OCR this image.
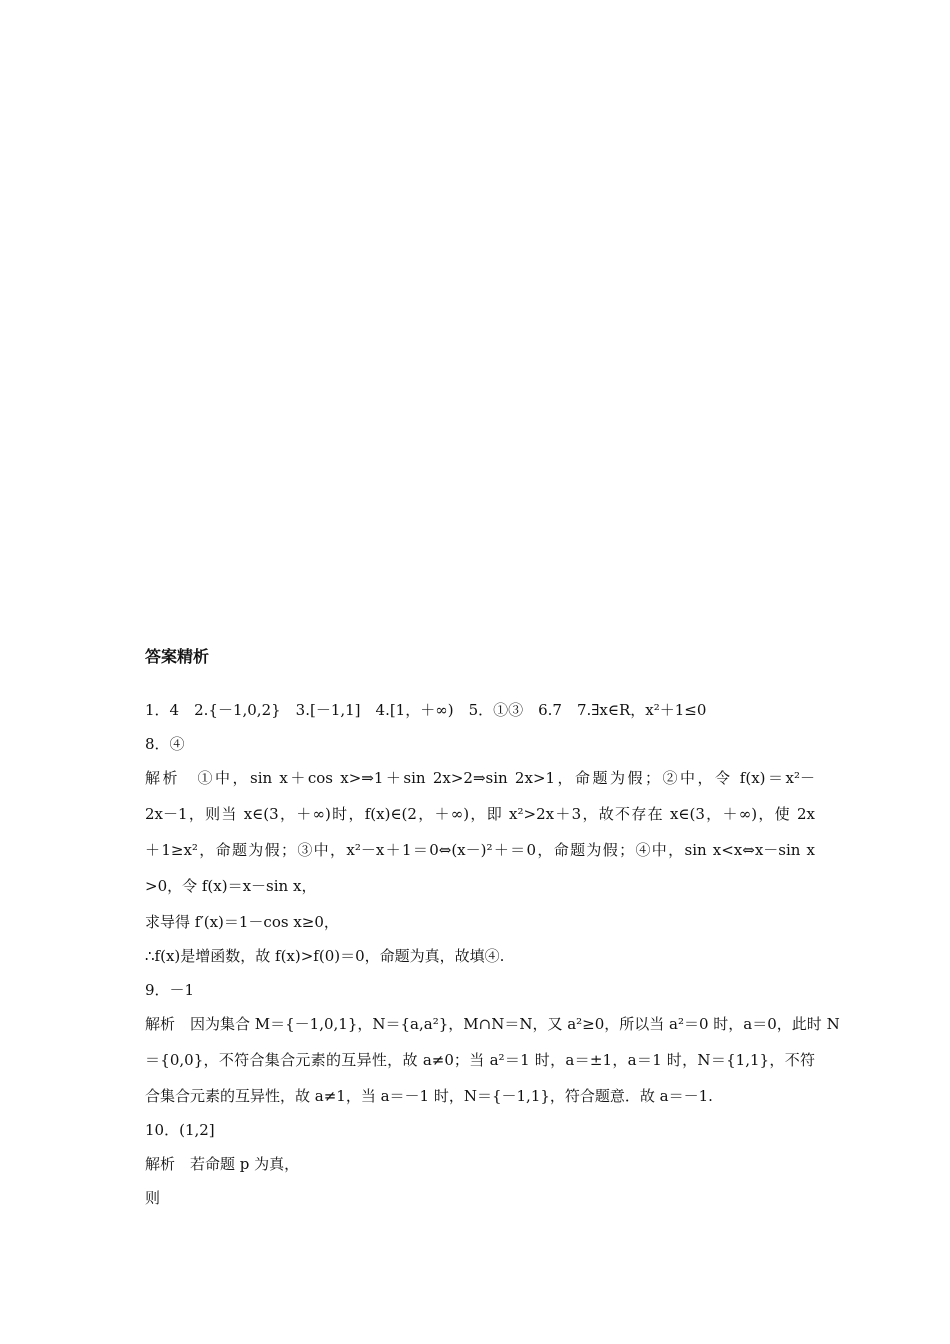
答案精析
1．4　2.{－1,0,2}　3.[－1,1]　4.[1，＋∞)　5．①③　6.7　7.∃x∈R，x²＋1≤0
8．④
解析　①中，sin x＋cos x>⇒1＋sin 2x>2⇒sin 2x>1，命题为假；②中，令 f(x)＝x²－
2x－1，则当 x∈(3，＋∞)时，f(x)∈(2，＋∞)，即 x²>2x＋3，故不存在 x∈(3，＋∞)，使 2x
＋1≥x²，命题为假；③中，x²－x＋1＝0⇔(x－)²＋＝0，命题为假；④中，sin x<x⇔x－sin x
>0，令 f(x)＝x－sin x，
求导得 f′(x)＝1－cos x≥0，
∴f(x)是增函数，故 f(x)>f(0)＝0，命题为真，故填④.
9．－1
解析　因为集合 M＝{－1,0,1}，N＝{a,a²}，M∩N＝N，又 a²≥0，所以当 a²＝0 时，a＝0，此时 N
＝{0,0}，不符合集合元素的互异性，故 a≠0；当 a²＝1 时，a＝±1，a＝1 时，N＝{1,1}，不符
合集合元素的互异性，故 a≠1，当 a＝－1 时，N＝{－1,1}，符合题意．故 a＝－1.
10．(1,2]
解析　若命题 p 为真，
则
